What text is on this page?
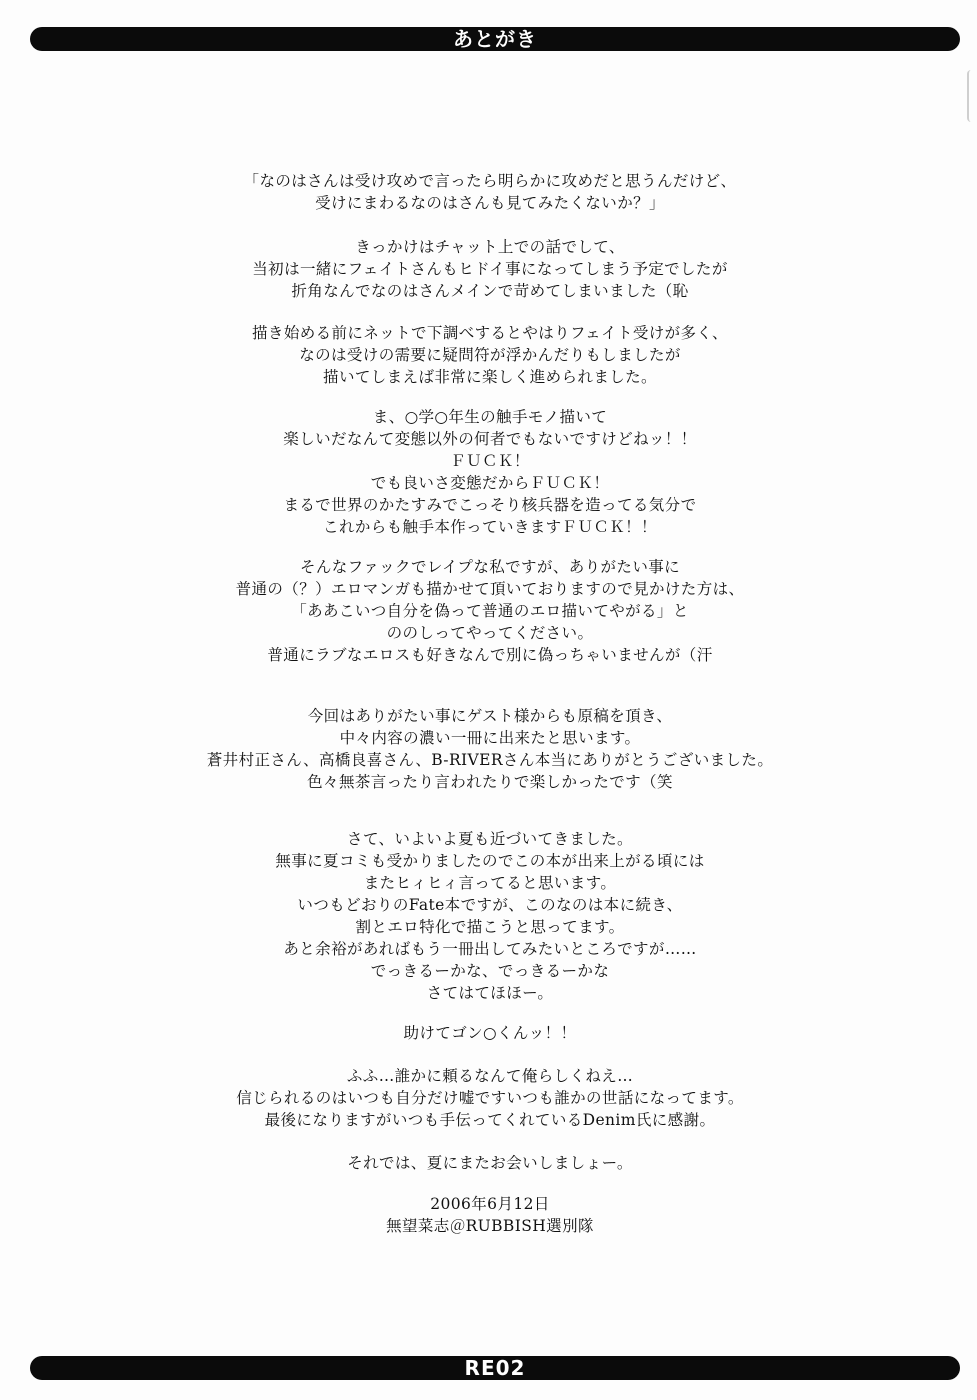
あとがき
「なのはさんは受け攻めで言ったら明らかに攻めだと思うんだけど、
受けにまわるなのはさんも見てみたくないか？」
きっかけはチャット上での話でして、
当初は一緒にフェイトさんもヒドイ事になってしまう予定でしたが
折角なんでなのはさんメインで苛めてしまいました（恥
描き始める前にネットで下調べするとやはりフェイト受けが多く、
なのは受けの需要に疑問符が浮かんだりもしましたが
描いてしまえば非常に楽しく進められました。
ま、○学○年生の触手モノ描いて
楽しいだなんて変態以外の何者でもないですけどねッ！！
ＦＵＣＫ！
でも良いさ変態だからＦＵＣＫ！
まるで世界のかたすみでこっそり核兵器を造ってる気分で
これからも触手本作っていきますＦＵＣＫ！！
そんなファックでレイプな私ですが、ありがたい事に
普通の（？）エロマンガも描かせて頂いておりますので見かけた方は、
「ああこいつ自分を偽って普通のエロ描いてやがる」と
ののしってやってください。
普通にラブなエロスも好きなんで別に偽っちゃいませんが（汗
今回はありがたい事にゲスト様からも原稿を頂き、
中々内容の濃い一冊に出来たと思います。
蒼井村正さん、高橋良喜さん、B-RIVERさん本当にありがとうございました。
色々無茶言ったり言われたりで楽しかったです（笑
さて、いよいよ夏も近づいてきました。
無事に夏コミも受かりましたのでこの本が出来上がる頃には
またヒィヒィ言ってると思います。
いつもどおりのFate本ですが、このなのは本に続き、
割とエロ特化で描こうと思ってます。
あと余裕があればもう一冊出してみたいところですが……
でっきるーかな、でっきるーかな
さてはてほほー。
助けてゴン○くんッ！！
ふふ…誰かに頼るなんて俺らしくねえ…
信じられるのはいつも自分だけ嘘ですいつも誰かの世話になってます。
最後になりますがいつも手伝ってくれているDenim氏に感謝。
それでは、夏にまたお会いしましょー。
2006年6月12日
無望菜志＠RUBBISH選別隊
RE02
